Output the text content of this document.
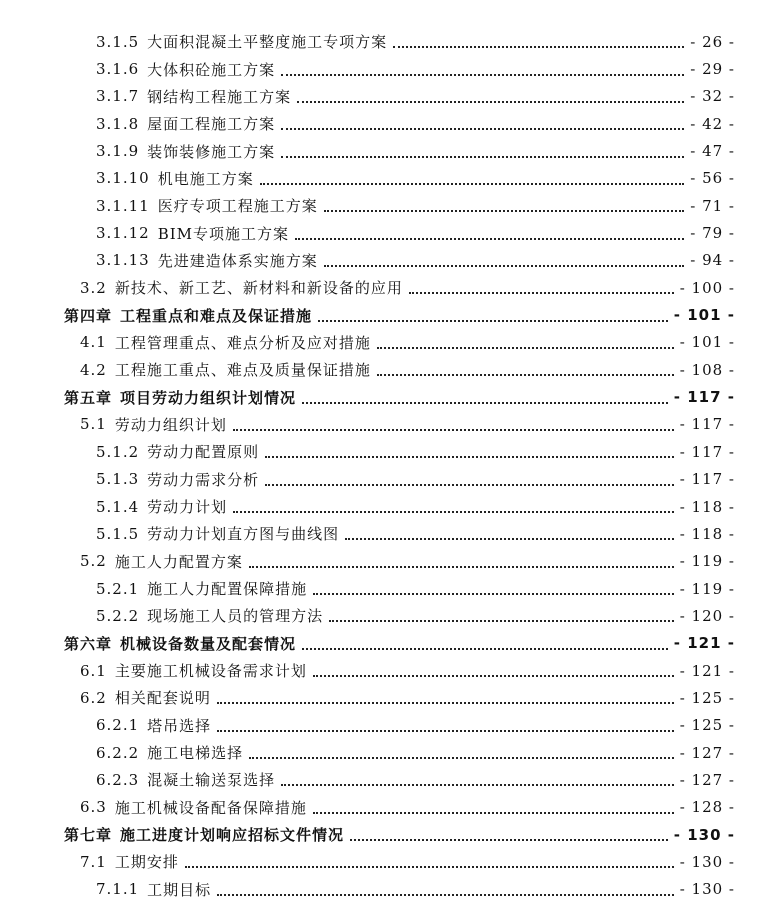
3.1.5 大面积混凝土平整度施工专项方案	- 26 -
3.1.6 大体积砼施工方案	- 29 -
3.1.7 钢结构工程施工方案	- 32 -
3.1.8 屋面工程施工方案	- 42 -
3.1.9 装饰装修施工方案	- 47 -
3.1.10 机电施工方案	- 56 -
3.1.11 医疗专项工程施工方案	- 71 -
3.1.12 BIM专项施工方案	- 79 -
3.1.13 先进建造体系实施方案	- 94 -
3.2 新技术、新工艺、新材料和新设备的应用	- 100 -
第四章 工程重点和难点及保证措施	- 101 -
4.1 工程管理重点、难点分析及应对措施	- 101 -
4.2 工程施工重点、难点及质量保证措施	- 108 -
第五章 项目劳动力组织计划情况	- 117 -
5.1 劳动力组织计划	- 117 -
5.1.2 劳动力配置原则	- 117 -
5.1.3 劳动力需求分析	- 117 -
5.1.4 劳动力计划	- 118 -
5.1.5 劳动力计划直方图与曲线图	- 118 -
5.2 施工人力配置方案	- 119 -
5.2.1 施工人力配置保障措施	- 119 -
5.2.2 现场施工人员的管理方法	- 120 -
第六章 机械设备数量及配套情况	- 121 -
6.1 主要施工机械设备需求计划	- 121 -
6.2 相关配套说明	- 125 -
6.2.1 塔吊选择	- 125 -
6.2.2 施工电梯选择	- 127 -
6.2.3 混凝土输送泵选择	- 127 -
6.3 施工机械设备配备保障措施	- 128 -
第七章 施工进度计划响应招标文件情况	- 130 -
7.1 工期安排	- 130 -
7.1.1 工期目标	- 130 -
